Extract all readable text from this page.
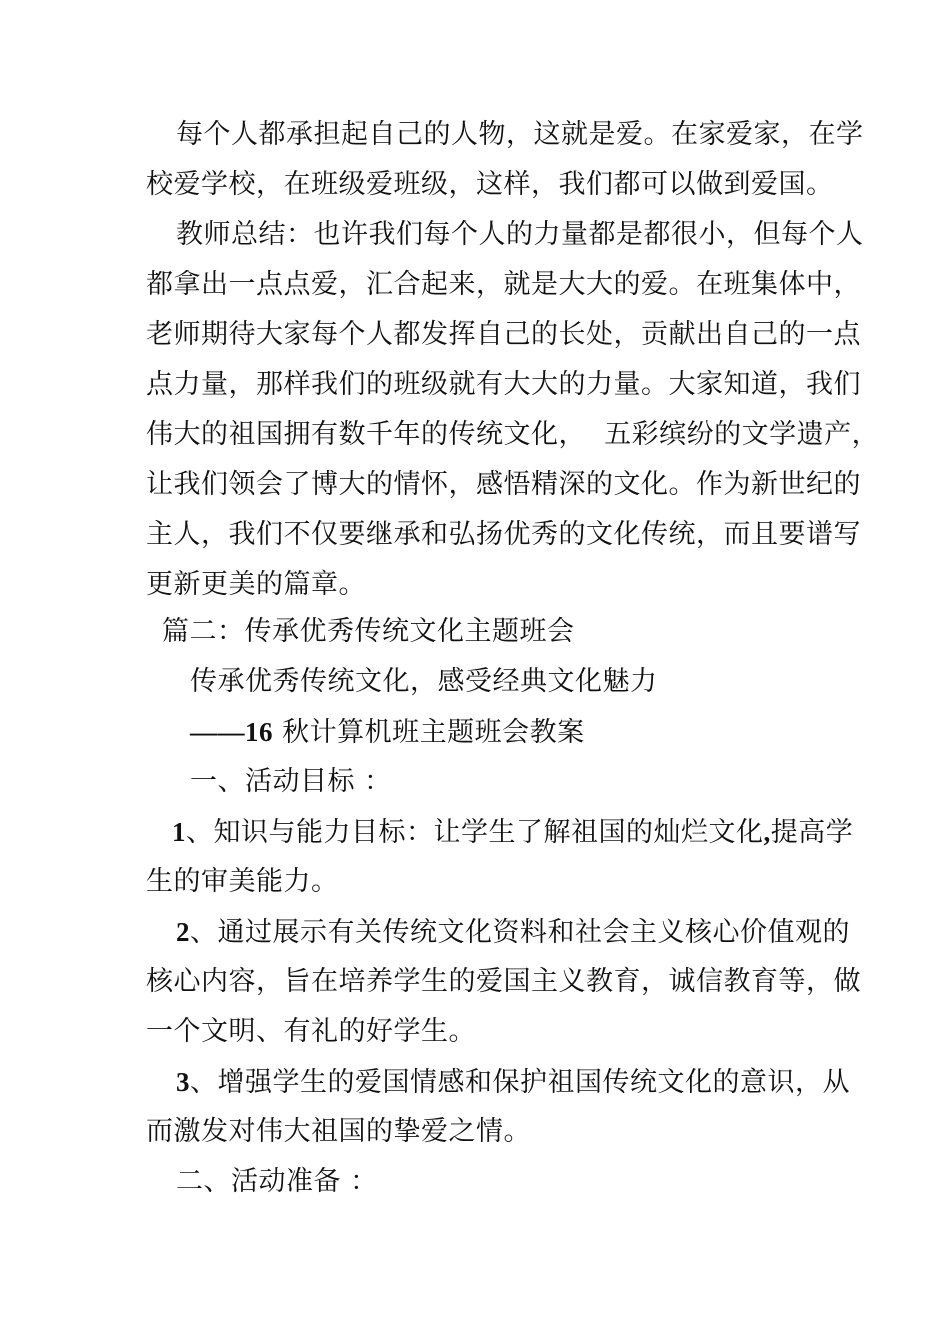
每个人都承担起自己的人物，这就是爱。在家爱家，在学
校爱学校，在班级爱班级，这样，我们都可以做到爱国。
教师总结：也许我们每个人的力量都是都很小，但每个人
都拿出一点点爱，汇合起来，就是大大的爱。在班集体中，
老师期待大家每个人都发挥自己的长处，贡献出自己的一点
点力量，那样我们的班级就有大大的力量。大家知道，我们
伟大的祖国拥有数千年的传统文化，  五彩缤纷的文学遗产，
让我们领会了博大的情怀，感悟精深的文化。作为新世纪的
主人，我们不仅要继承和弘扬优秀的文化传统，而且要谱写
更新更美的篇章。
篇二：传承优秀传统文化主题班会
传承优秀传统文化，感受经典文化魅力
——16 秋计算机班主题班会教案
一、活动目标 ：
1、知识与能力目标：让学生了解祖国的灿烂文化,提高学
生的审美能力。
2、通过展示有关传统文化资料和社会主义核心价值观的
核心内容，旨在培养学生的爱国主义教育，诚信教育等，做
一个文明、有礼的好学生。
3、增强学生的爱国情感和保护祖国传统文化的意识，从
而激发对伟大祖国的挚爱之情。
二、活动准备 ：
